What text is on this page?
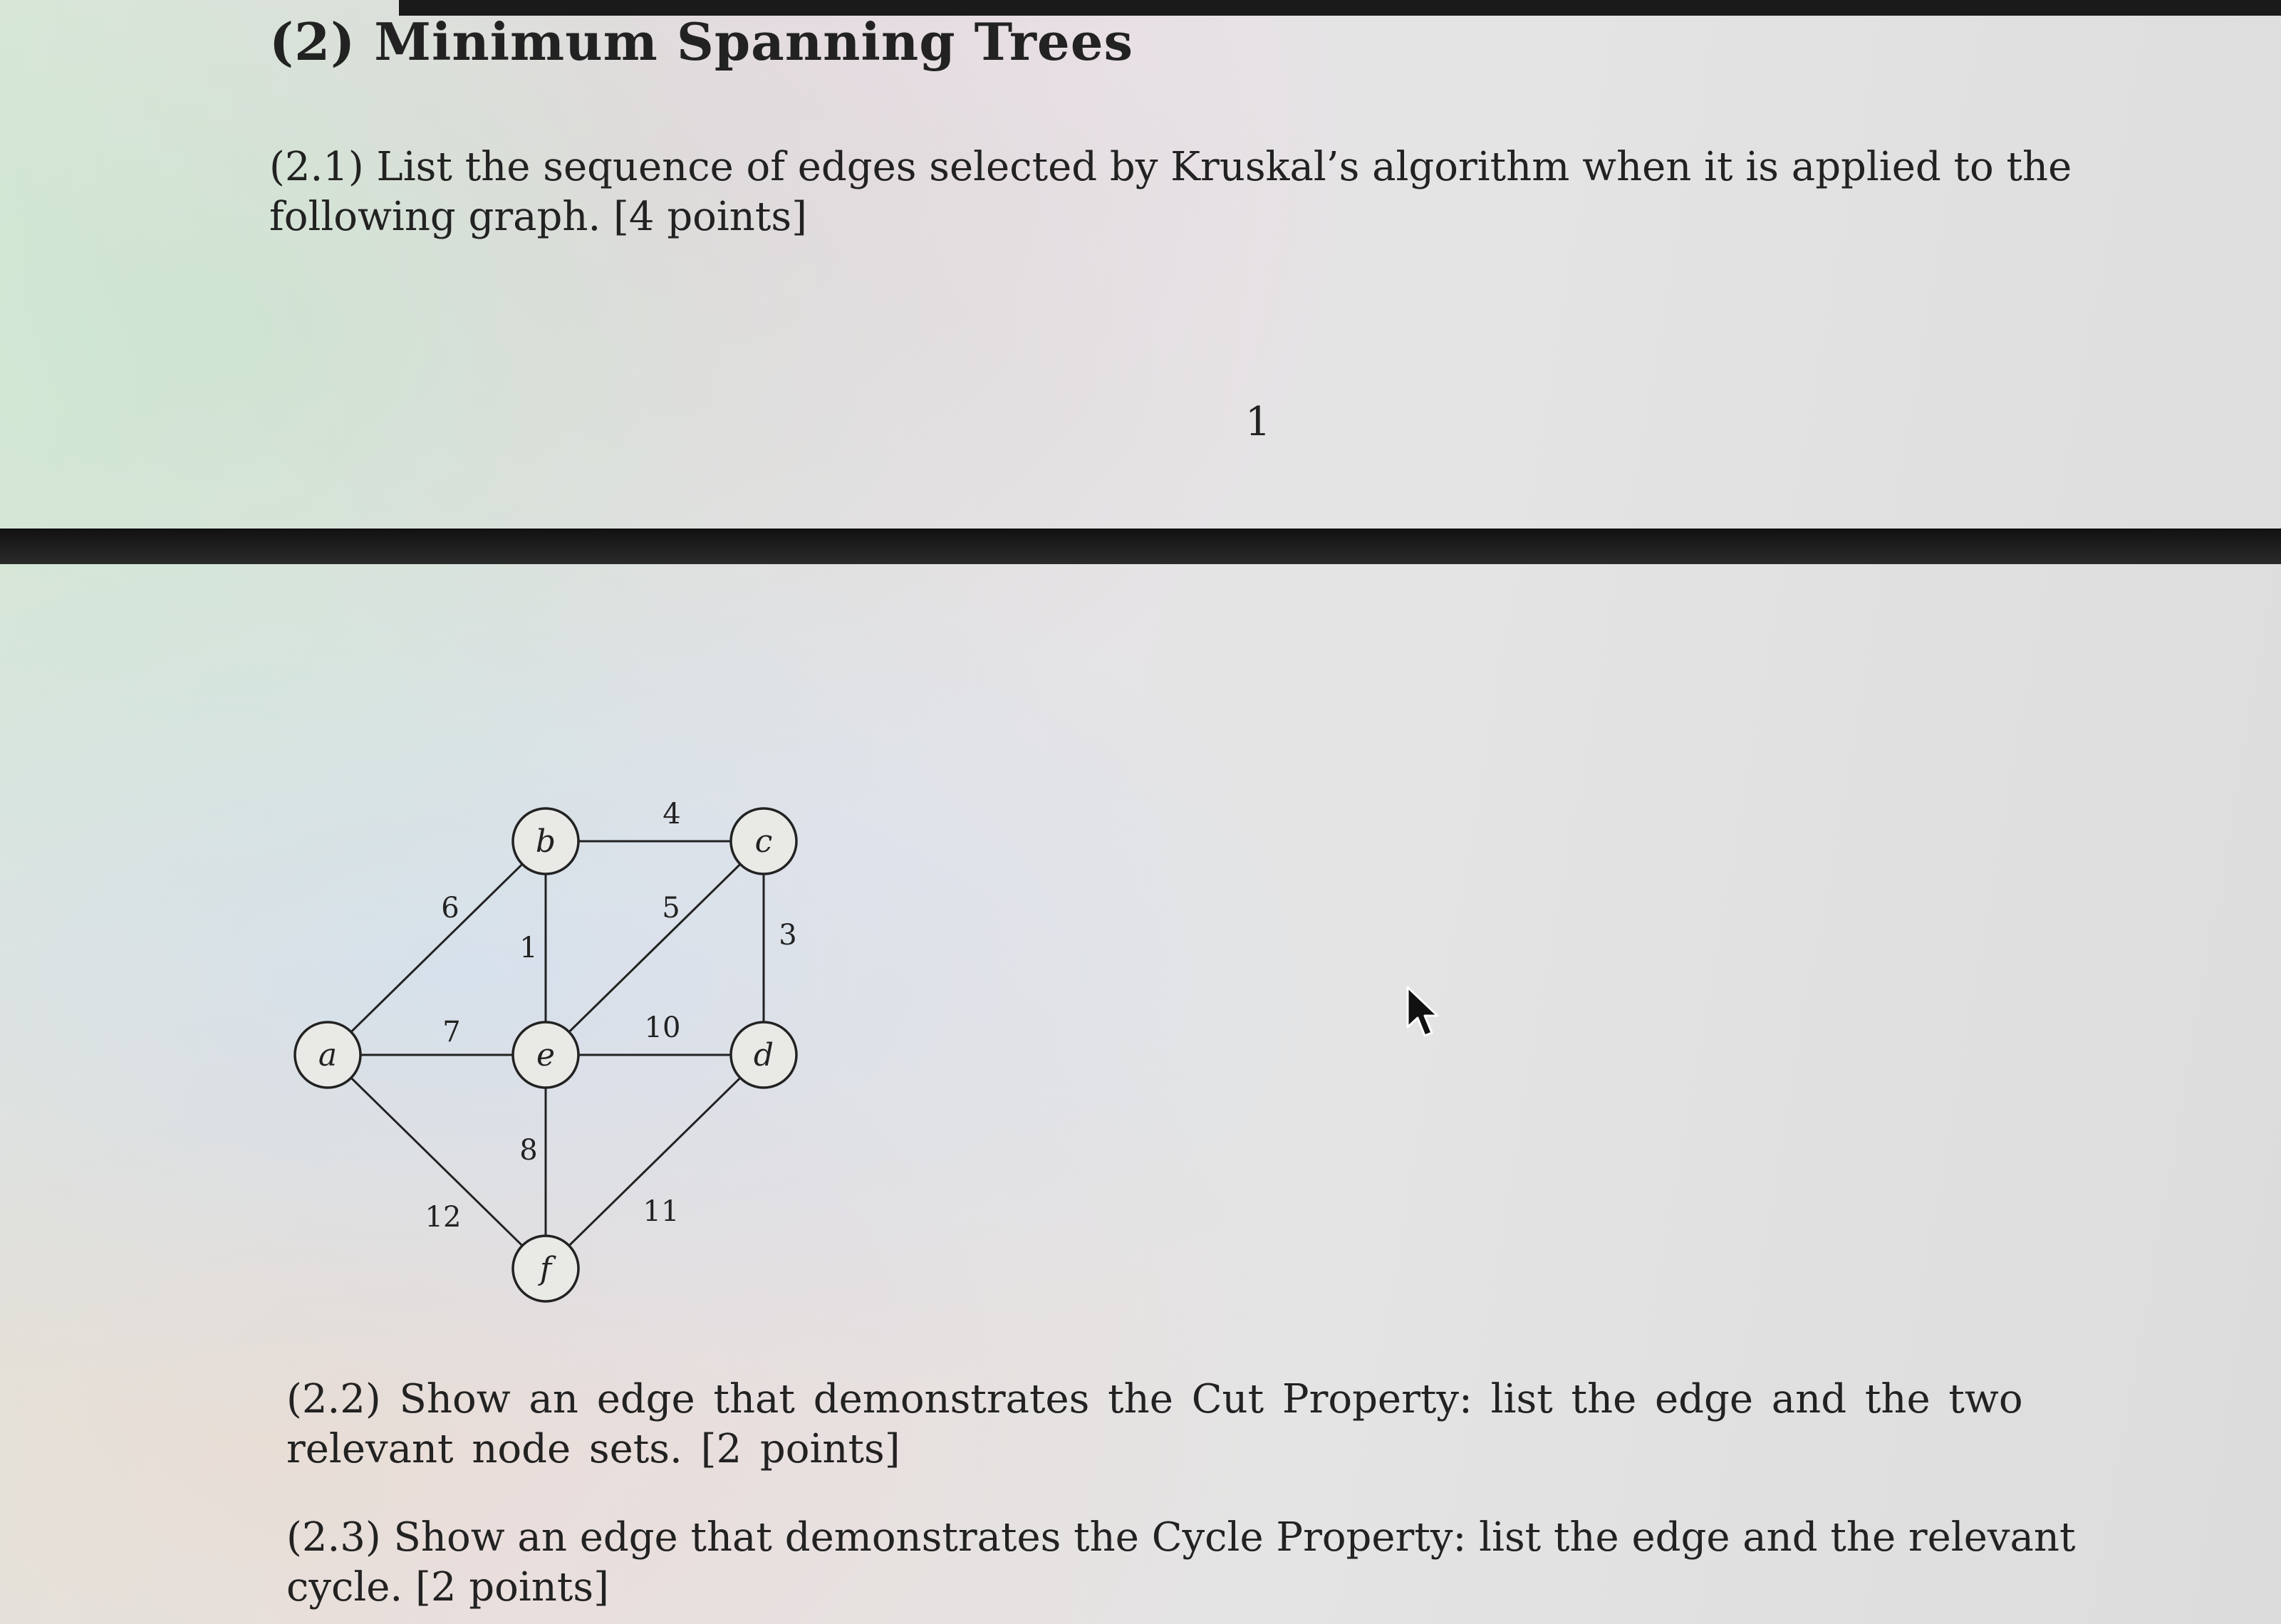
(2) Minimum Spanning Trees

(2.1) List the sequence of edges selected by Kruskal’s algorithm when it is applied to the following graph. [4 points]

1

1	3
4
5
6
7
8
10
11
12
a
b	c
d
e
f

(2.2) Show an edge that demonstrates the Cut Property: list the edge and the two relevant node sets. [2 points]

(2.3) Show an edge that demonstrates the Cycle Property: list the edge and the relevant cycle. [2 points]
